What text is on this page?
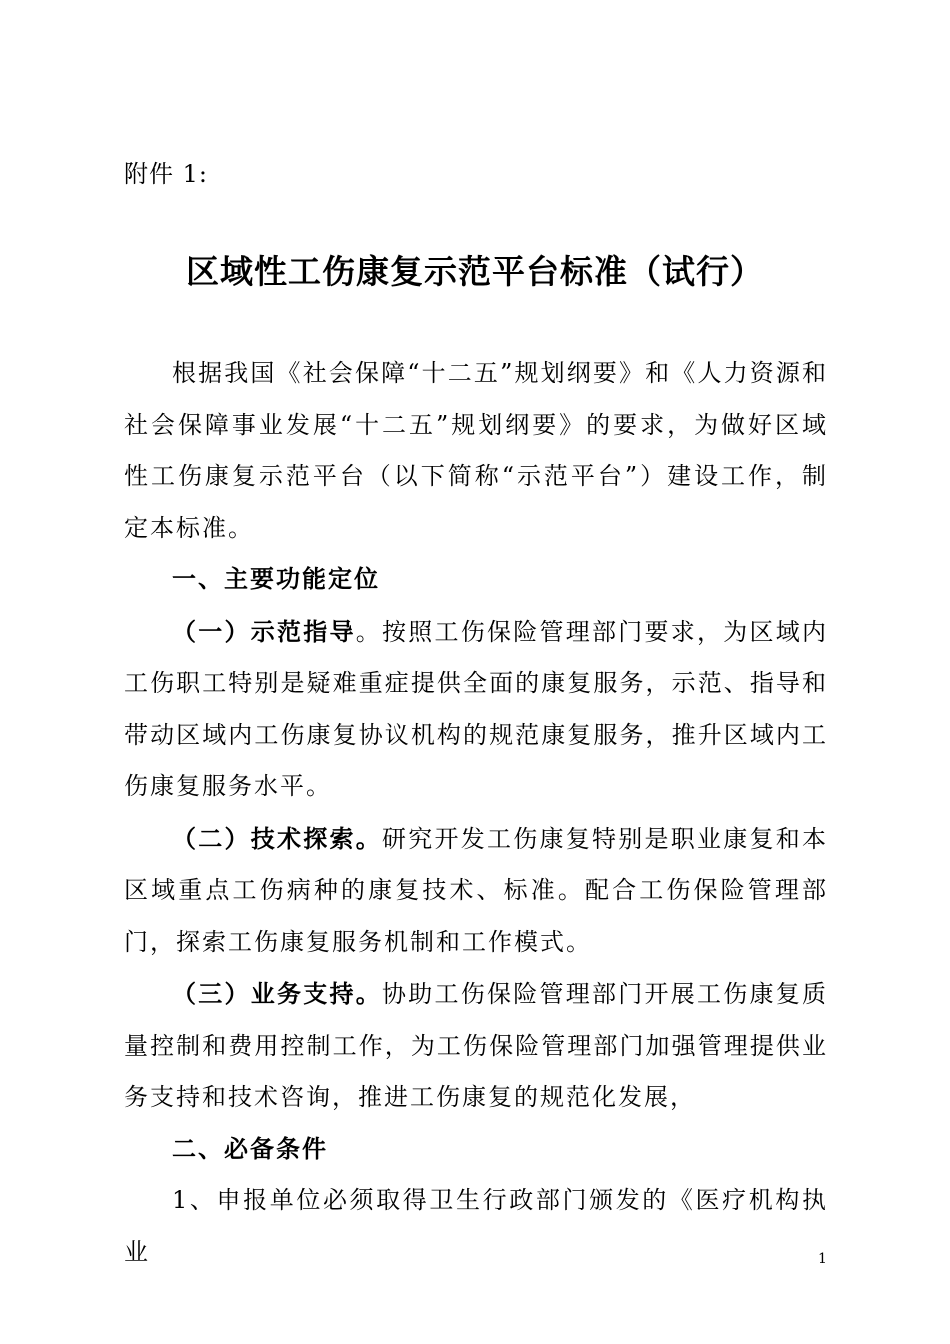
附件 1:
区域性工伤康复示范平台标准（试行）

根据我国《社会保障“十二五”规划纲要》和《人力资源和社会保障事业发展“十二五”规划纲要》的要求，为做好区域性工伤康复示范平台（以下简称“示范平台”）建设工作，制定本标准。

一、主要功能定位

（一）示范指导。按照工伤保险管理部门要求，为区域内工伤职工特别是疑难重症提供全面的康复服务，示范、指导和带动区域内工伤康复协议机构的规范康复服务，推升区域内工伤康复服务水平。

（二）技术探索。研究开发工伤康复特别是职业康复和本区域重点工伤病种的康复技术、标准。配合工伤保险管理部门，探索工伤康复服务机制和工作模式。

（三）业务支持。协助工伤保险管理部门开展工伤康复质量控制和费用控制工作，为工伤保险管理部门加强管理提供业务支持和技术咨询，推进工伤康复的规范化发展，

二、必备条件

1、申报单位必须取得卫生行政部门颁发的《医疗机构执业	1
